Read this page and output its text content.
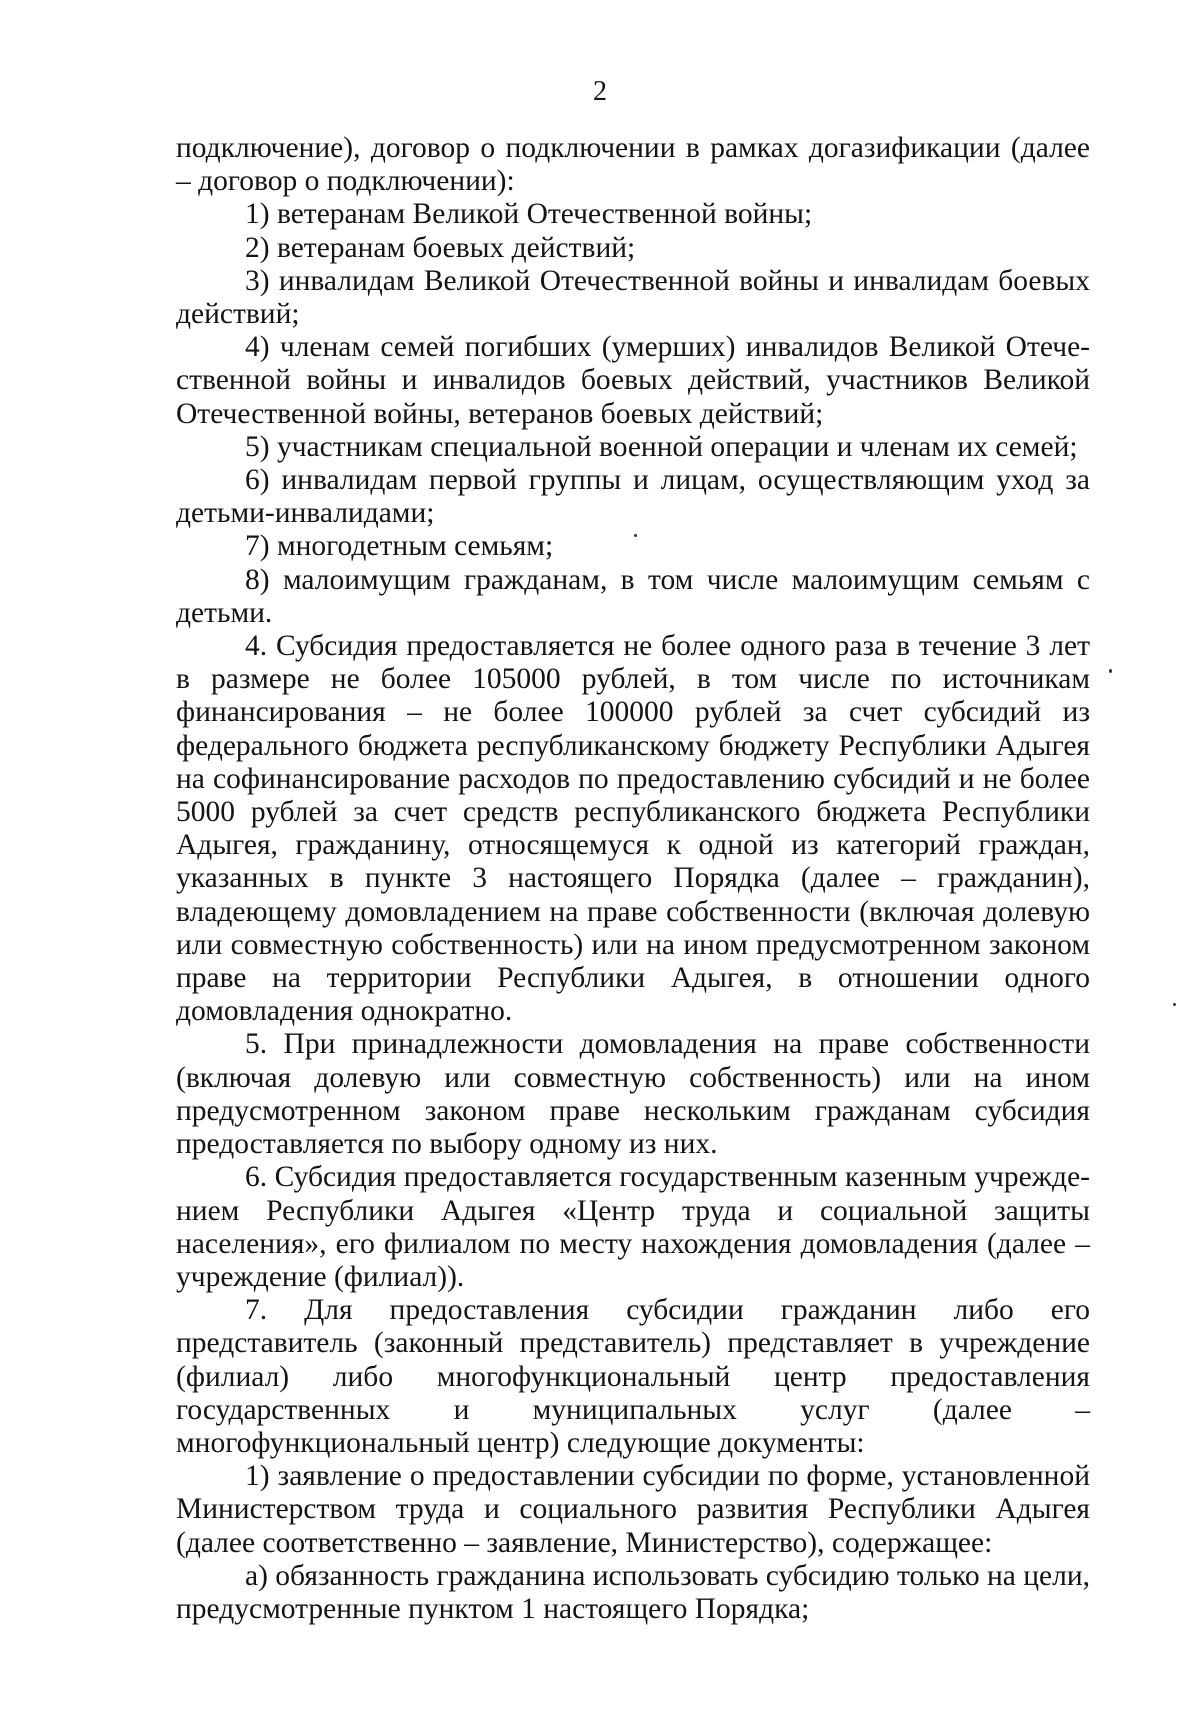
2

подключение), договор о подключении в рамках догазификации (далее – договор о подключении):

1) ветеранам Великой Отечественной войны;

2) ветеранам боевых действий;

3) инвалидам Великой Отечественной войны и инвалидам боевых действий;

4) членам семей погибших (умерших) инвалидов Великой Отечественной войны и инвалидов боевых действий, участников Великой Отечественной войны, ветеранов боевых действий;

5) участникам специальной военной операции и членам их семей;

6) инвалидам первой группы и лицам, осуществляющим уход за детьми-инвалидами;

7) многодетным семьям;

8) малоимущим гражданам, в том числе малоимущим семьям с детьми.

4. Субсидия предоставляется не более одного раза в течение 3 лет в размере не более 105000 рублей, в том числе по источникам финансирования – не более 100000 рублей за счет субсидий из федерального бюджета республиканскому бюджету Республики Адыгея на софинансирование расходов по предоставлению субсидий и не более 5000 рублей за счет средств республиканского бюджета Республики Адыгея, гражданину, относящемуся к одной из категорий граждан, указанных в пункте 3 настоящего Порядка (далее – гражданин), владеющему домовладением на праве собственности (включая долевую или совместную собственность) или на ином предусмотренном законом праве на территории Республики Адыгея, в отношении одного домовладения однократно.

5. При принадлежности домовладения на праве собственности (включая долевую или совместную собственность) или на ином предусмотренном законом праве нескольким гражданам субсидия предоставляется по выбору одному из них.

6. Субсидия предоставляется государственным казенным учреждением Республики Адыгея «Центр труда и социальной защиты населения», его филиалом по месту нахождения домовладения (далее – учреждение (филиал)).

7. Для предоставления субсидии гражданин либо его представитель (законный представитель) представляет в учреждение (филиал) либо многофункциональный центр предоставления государственных и муниципальных услуг (далее – многофункциональный центр) следующие документы:

1) заявление о предоставлении субсидии по форме, установленной Министерством труда и социального развития Республики Адыгея (далее соответственно – заявление, Министерство), содержащее:

а) обязанность гражданина использовать субсидию только на цели, предусмотренные пунктом 1 настоящего Порядка;
